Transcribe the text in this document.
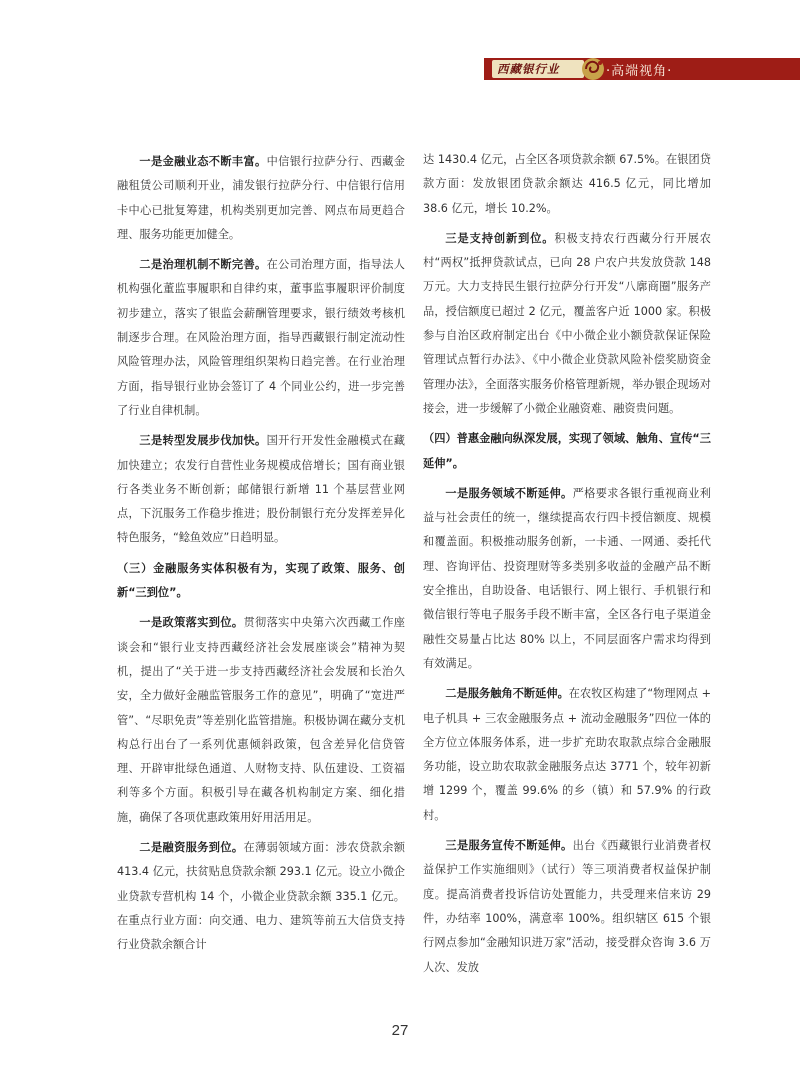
西藏银行业	·高端视角·

一是金融业态不断丰富。中信银行拉萨分行、西藏金融租赁公司顺利开业，浦发银行拉萨分行、中信银行信用卡中心已批复筹建，机构类别更加完善、网点布局更趋合理、服务功能更加健全。

二是治理机制不断完善。在公司治理方面，指导法人机构强化董监事履职和自律约束，董事监事履职评价制度初步建立，落实了银监会薪酬管理要求，银行绩效考核机制逐步合理。在风险治理方面，指导西藏银行制定流动性风险管理办法，风险管理组织架构日趋完善。在行业治理方面，指导银行业协会签订了 4 个同业公约，进一步完善了行业自律机制。

三是转型发展步伐加快。国开行开发性金融模式在藏加快建立；农发行自营性业务规模成倍增长；国有商业银行各类业务不断创新；邮储银行新增 11 个基层营业网点，下沉服务工作稳步推进；股份制银行充分发挥差异化特色服务，“鲶鱼效应”日趋明显。

（三）金融服务实体积极有为，实现了政策、服务、创新“三到位”。

一是政策落实到位。贯彻落实中央第六次西藏工作座谈会和“银行业支持西藏经济社会发展座谈会”精神为契机，提出了“关于进一步支持西藏经济社会发展和长治久安，全力做好金融监管服务工作的意见”，明确了“宽进严管”、“尽职免责”等差别化监管措施。积极协调在藏分支机构总行出台了一系列优惠倾斜政策，包含差异化信贷管理、开辟审批绿色通道、人财物支持、队伍建设、工资福利等多个方面。积极引导在藏各机构制定方案、细化措施，确保了各项优惠政策用好用活用足。

二是融资服务到位。在薄弱领域方面：涉农贷款余额 413.4 亿元，扶贫贴息贷款余额 293.1 亿元。设立小微企业贷款专营机构 14 个，小微企业贷款余额 335.1 亿元。在重点行业方面：向交通、电力、建筑等前五大信贷支持行业贷款余额合计

达 1430.4 亿元，占全区各项贷款余额 67.5%。在银团贷款方面：发放银团贷款余额达 416.5 亿元，同比增加 38.6 亿元，增长 10.2%。

三是支持创新到位。积极支持农行西藏分行开展农村“两权”抵押贷款试点，已向 28 户农户共发放贷款 148 万元。大力支持民生银行拉萨分行开发“八廓商圈”服务产品，授信额度已超过 2 亿元，覆盖客户近 1000 家。积极参与自治区政府制定出台《中小微企业小额贷款保证保险管理试点暂行办法》、《中小微企业贷款风险补偿奖励资金管理办法》，全面落实服务价格管理新规，举办银企现场对接会，进一步缓解了小微企业融资难、融资贵问题。

（四）普惠金融向纵深发展，实现了领域、触角、宣传“三延伸”。

一是服务领域不断延伸。严格要求各银行重视商业利益与社会责任的统一，继续提高农行四卡授信额度、规模和覆盖面。积极推动服务创新，一卡通、一网通、委托代理、咨询评估、投资理财等多类别多收益的金融产品不断安全推出，自助设备、电话银行、网上银行、手机银行和微信银行等电子服务手段不断丰富，全区各行电子渠道金融性交易量占比达 80% 以上，不同层面客户需求均得到有效满足。

二是服务触角不断延伸。在农牧区构建了“物理网点 + 电子机具 + 三农金融服务点 + 流动金融服务”四位一体的全方位立体服务体系，进一步扩充助农取款点综合金融服务功能，设立助农取款金融服务点达 3771 个，较年初新增 1299 个，覆盖 99.6% 的乡（镇）和 57.9% 的行政村。

三是服务宣传不断延伸。出台《西藏银行业消费者权益保护工作实施细则》（试行）等三项消费者权益保护制度。提高消费者投诉信访处置能力，共受理来信来访 29 件，办结率 100%，满意率 100%。组织辖区 615 个银行网点参加“金融知识进万家”活动，接受群众咨询 3.6 万人次、发放

27
